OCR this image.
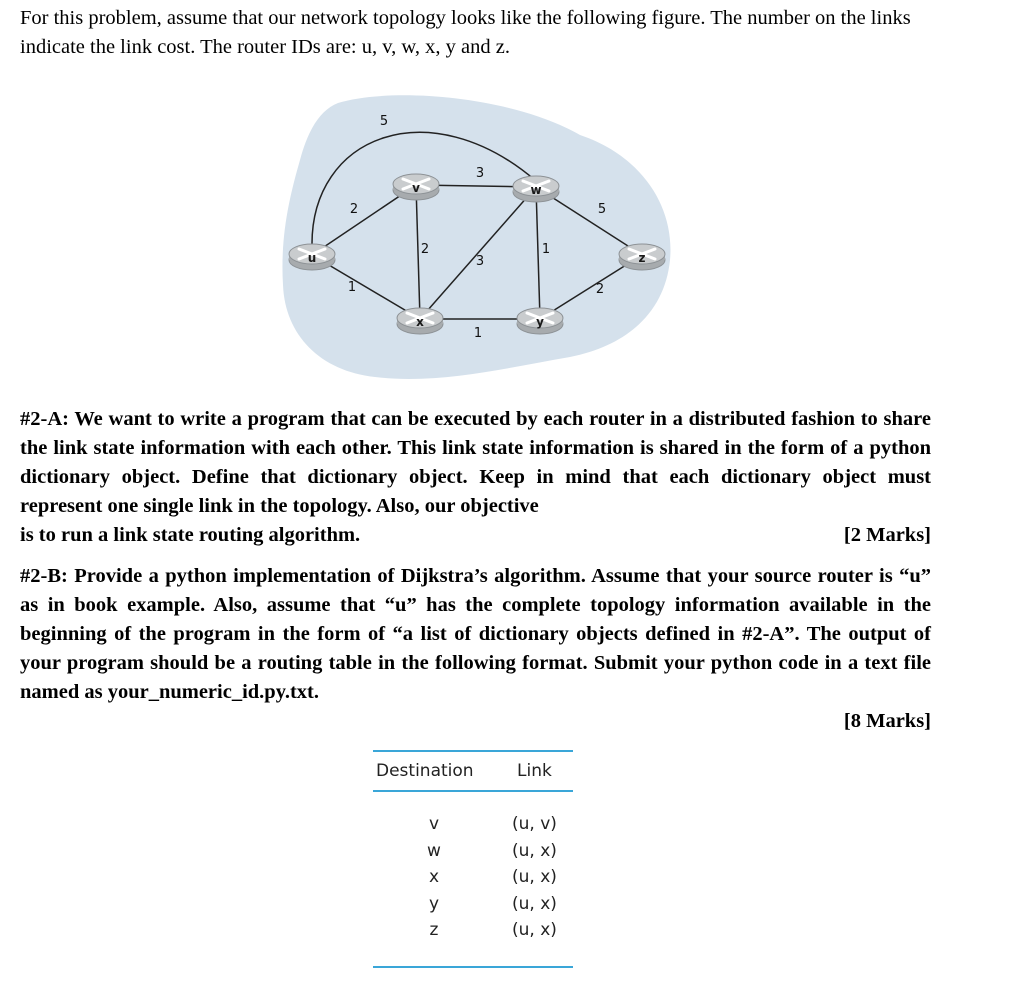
For this problem, assume that our network topology looks like the following figure. The number on the links indicate the link cost. The router IDs are: u, v, w, x, y and z.

5
2
3
5
2
3
1
1	2
1
u
v	w
x	y
z
#2-A: We want to write a program that can be executed by each router in a distributed fashion to share the link state information with each other. This link state information is shared in the form of a python dictionary object. Define that dictionary object. Keep in mind that each dictionary object must represent one single link in the topology. Also, our objective
is to run a link state routing algorithm.	[2 Marks]
#2-B: Provide a python implementation of Dijkstra’s algorithm. Assume that your source router is “u” as in book example. Also, assume that “u” has the complete topology information available in the beginning of the program in the form of “a list of dictionary objects defined in #2-A”. The output of your program should be a routing table in the following format. Submit your python code in a text file named as your_numeric_id.py.txt.
[8 Marks]
Destination	Link
v	(u, v)
w	(u, x)
x	(u, x)
y	(u, x)
z	(u, x)
